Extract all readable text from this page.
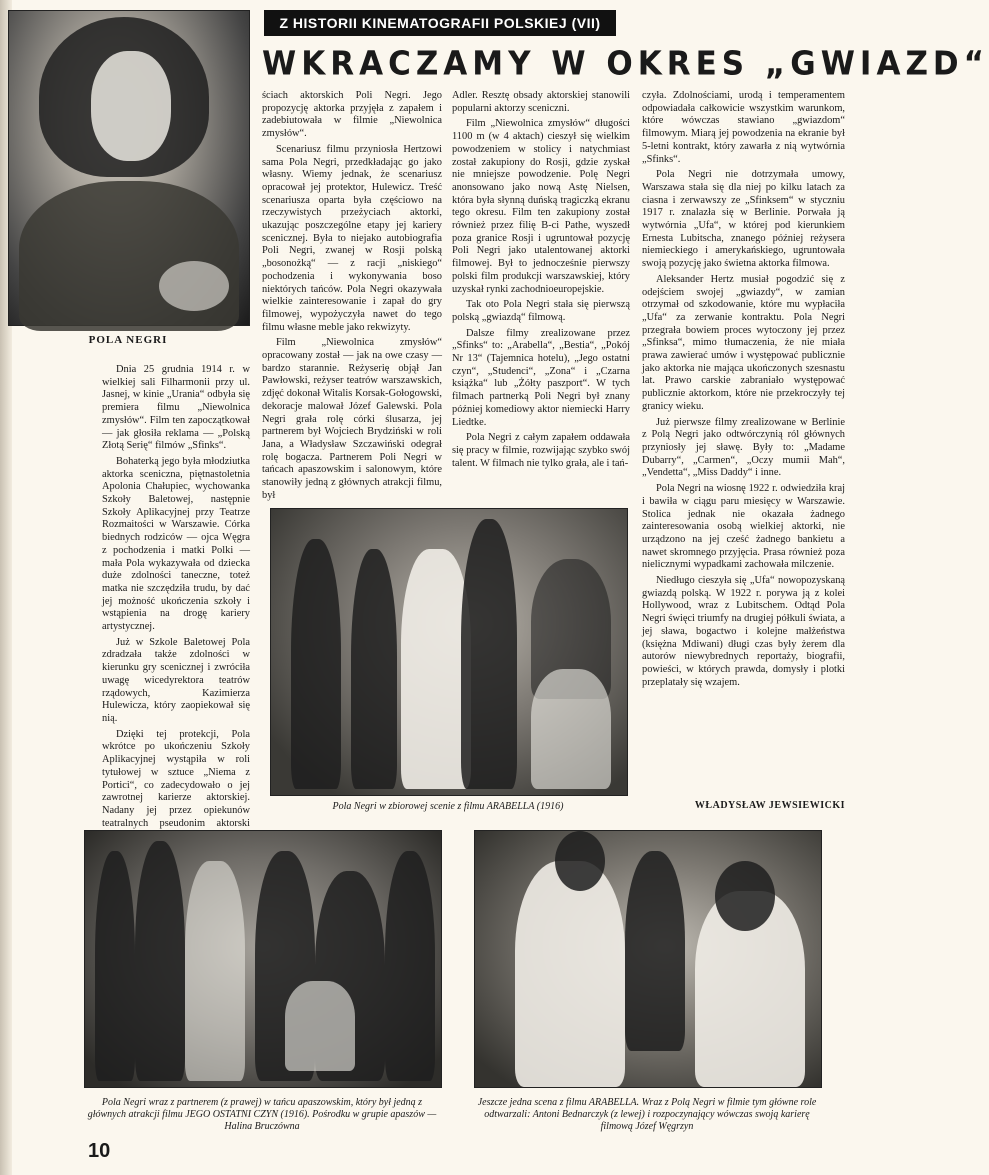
POLA NEGRI
Z HISTORII KINEMATOGRAFII POLSKIEJ (VII)
WKRACZAMY W OKRES „GWIAZD“

Dnia 25 grudnia 1914 r. w wielkiej sali Filharmonii przy ul. Jasnej, w kinie „Urania“ odbyła się premiera filmu „Niewolnica zmysłów“. Film ten zapoczątkował — jak głosiła reklama — „Polską Złotą Serię“ filmów „Sfinks“.

Bohaterką jego była młodziutka aktorka sceniczna, piętnastoletnia Apolonia Chałupiec, wychowanka Szkoły Baletowej, następnie Szkoły Aplikacyjnej przy Teatrze Rozmaitości w Warszawie. Córka biednych rodziców — ojca Węgra z pochodzenia i matki Polki — mała Pola wykazywała od dziecka duże zdolności taneczne, toteż matka nie szczędziła trudu, by dać jej możność ukończenia szkoły i wstąpienia na drogę kariery artystycznej.

Już w Szkole Baletowej Pola zdradzała także zdolności w kierunku gry scenicznej i zwróciła uwagę wicedyrektora teatrów rządowych, Kazimierza Hulewicza, który zaopiekował się nią.

Dzięki tej protekcji, Pola wkrótce po ukończeniu Szkoły Aplikacyjnej wystąpiła w roli tytułowej w sztuce „Niema z Portici“, co zadecydowało o jej zawrotnej karierze aktorskiej. Nadany jej przez opiekunów teatralnych pseudonim aktorski

ściach aktorskich Poli Negri. Jego propozycję aktorka przyjęła z zapałem i zadebiutowała w filmie „Niewolnica zmysłów“.

Scenariusz filmu przyniosła Hertzowi sama Pola Negri, przedkładając go jako własny. Wiemy jednak, że scenariusz opracował jej protektor, Hulewicz. Treść scenariusza oparta była częściowo na rzeczywistych przeżyciach aktorki, ukazując poszczególne etapy jej kariery scenicznej. Była to niejako autobiografia Poli Negri, zwanej w Rosji polską „bosonożką“ — z racji „niskiego“ pochodzenia i wykonywania boso niektórych tańców. Pola Negri okazywała wielkie zainteresowanie i zapał do gry filmowej, wypożyczyła nawet do tego filmu własne meble jako rekwizyty.

Film „Niewolnica zmysłów“ opracowany został — jak na owe czasy — bardzo starannie. Reżyserię objął Jan Pawłowski, reżyser teatrów warszawskich, zdjęć dokonał Witalis Korsak-Gołogowski, dekoracje malował Józef Galewski. Pola Negri grała rolę córki ślusarza, jej partnerem był Wojciech Brydziński w roli Jana, a Władysław Szczawiński odegrał rolę bogacza. Partnerem Poli Negri w tańcach apaszowskim i salonowym, które stanowiły jedną z głównych atrakcji filmu, był

Adler. Resztę obsady aktorskiej stanowili popularni aktorzy sceniczni.

Film „Niewolnica zmysłów“ długości 1100 m (w 4 aktach) cieszył się wielkim powodzeniem w stolicy i natychmiast został zakupiony do Rosji, gdzie zyskał nie mniejsze powodzenie. Polę Negri anonsowano jako nową Astę Nielsen, która była słynną duńską tragiczką ekranu tego okresu. Film ten zakupiony został również przez filię B-ci Pathe, wyszedł poza granice Rosji i ugruntował pozycję Poli Negri jako utalentowanej aktorki filmowej. Był to jednocześnie pierwszy polski film produkcji warszawskiej, który uzyskał rynki zachodnioeuropejskie.

Tak oto Pola Negri stała się pierwszą polską „gwiazdą“ filmową.

Dalsze filmy zrealizowane przez „Sfinks“ to: „Arabella“, „Bestia“, „Pokój Nr 13“ (Tajemnica hotelu), „Jego ostatni czyn“, „Studenci“, „Zona“ i „Czarna książka“ lub „Żółty paszport“. W tych filmach partnerką Poli Negri był znany później komediowy aktor niemiecki Harry Liedtke.

Pola Negri z całym zapałem oddawała się pracy w filmie, rozwijając szybko swój talent. W filmach nie tylko grała, ale i tań-

czyła. Zdolnościami, urodą i temperamentem odpowiadała całkowicie wszystkim warunkom, które wówczas stawiano „gwiazdom“ filmowym. Miarą jej powodzenia na ekranie był 5-letni kontrakt, który zawarła z nią wytwórnia „Sfinks“.

Pola Negri nie dotrzymała umowy, Warszawa stała się dla niej po kilku latach za ciasna i zerwawszy ze „Sfinksem“ w styczniu 1917 r. znalazła się w Berlinie. Porwała ją wytwórnia „Ufa“, w której pod kierunkiem Ernesta Lubitscha, znanego później reżysera niemieckiego i amerykańskiego, ugruntowała swoją pozycję jako świetna aktorka filmowa.

Aleksander Hertz musiał pogodzić się z odejściem swojej „gwiazdy“, w zamian otrzymał od szkodowanie, które mu wypłaciła „Ufa“ za zerwanie kontraktu. Pola Negri przegrała bowiem proces wytoczony jej przez „Sfinksa“, mimo tłumaczenia, że nie miała prawa zawierać umów i występować publicznie jako aktorka nie mająca ukończonych szesnastu lat. Prawo carskie zabraniało występować publicznie aktorkom, które nie przekroczyły tej granicy wieku.

Już pierwsze filmy zrealizowane w Berlinie z Polą Negri jako odtwórczynią ról głównych przyniosły jej sławę. Były to: „Madame Dubarry“, „Carmen“, „Oczy mumii Mah“, „Vendetta“, „Miss Daddy“ i inne.

Pola Negri na wiosnę 1922 r. odwiedziła kraj i bawiła w ciągu paru miesięcy w Warszawie. Stolica jednak nie okazała żadnego zainteresowania osobą wielkiej aktorki, nie urządzono na jej cześć żadnego bankietu a nawet skromnego przyjęcia. Prasa również poza nielicznymi wypadkami zachowała milczenie.

Niedługo cieszyła się „Ufa“ nowopozyskaną gwiazdą polską. W 1922 r. porywa ją z kolei Hollywood, wraz z Lubitschem. Odtąd Pola Negri święci triumfy na drugiej półkuli świata, a jej sława, bogactwo i kolejne małżeństwa (księżna Mdiwani) długi czas były żerem dla autorów niewybrednych reportaży, biografii, powieści, w których prawda, domysły i plotki przeplatały się wzajem.

WŁADYSŁAW JEWSIEWICKI
Pola Negri w zbiorowej scenie z filmu ARABELLA (1916)
Pola Negri wraz z partnerem (z prawej) w tańcu apaszowskim, który był jedną z głównych atrakcji filmu JEGO OSTATNI CZYN (1916). Pośrodku w grupie apaszów — Halina Bruczówna
Jeszcze jedna scena z filmu ARABELLA. Wraz z Polą Negri w filmie tym główne role odtwarzali: Antoni Bednarczyk (z lewej) i rozpoczynający wówczas swoją karierę filmową Józef Węgrzyn
10
